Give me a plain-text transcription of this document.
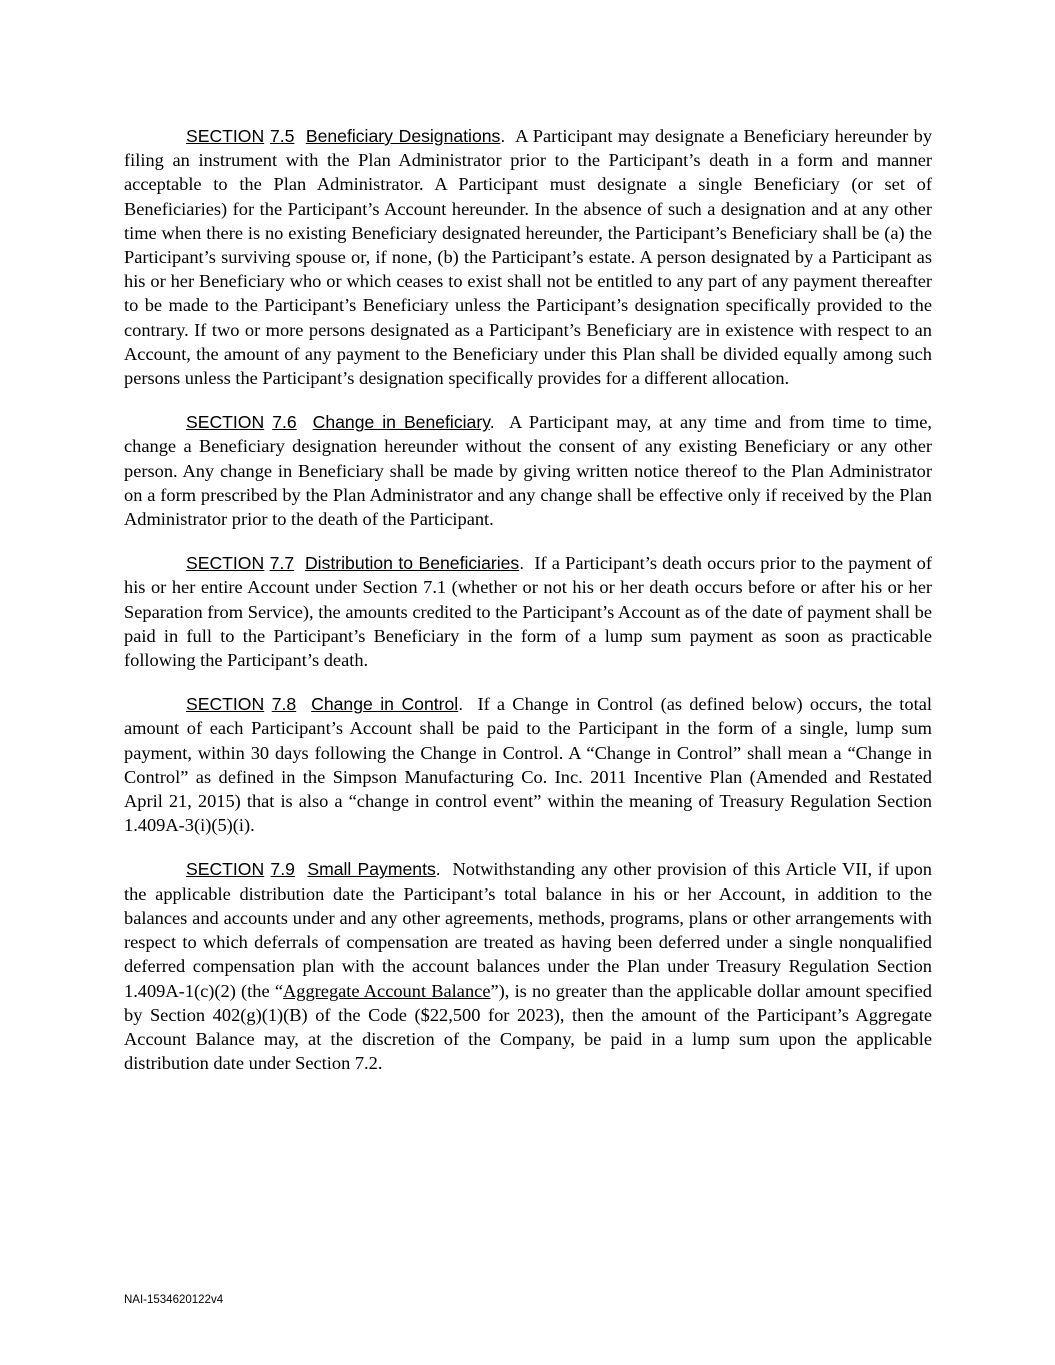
SECTION 7.5 Beneficiary Designations. A Participant may designate a Beneficiary hereunder by filing an instrument with the Plan Administrator prior to the Participant’s death in a form and manner acceptable to the Plan Administrator. A Participant must designate a single Beneficiary (or set of Beneficiaries) for the Participant’s Account hereunder. In the absence of such a designation and at any other time when there is no existing Beneficiary designated hereunder, the Participant’s Beneficiary shall be (a) the Participant’s surviving spouse or, if none, (b) the Participant’s estate. A person designated by a Participant as his or her Beneficiary who or which ceases to exist shall not be entitled to any part of any payment thereafter to be made to the Participant’s Beneficiary unless the Participant’s designation specifically provided to the contrary. If two or more persons designated as a Participant’s Beneficiary are in existence with respect to an Account, the amount of any payment to the Beneficiary under this Plan shall be divided equally among such persons unless the Participant’s designation specifically provides for a different allocation.

SECTION 7.6 Change in Beneficiary. A Participant may, at any time and from time to time, change a Beneficiary designation hereunder without the consent of any existing Beneficiary or any other person. Any change in Beneficiary shall be made by giving written notice thereof to the Plan Administrator on a form prescribed by the Plan Administrator and any change shall be effective only if received by the Plan Administrator prior to the death of the Participant.

SECTION 7.7 Distribution to Beneficiaries. If a Participant’s death occurs prior to the payment of his or her entire Account under Section 7.1 (whether or not his or her death occurs before or after his or her Separation from Service), the amounts credited to the Participant’s Account as of the date of payment shall be paid in full to the Participant’s Beneficiary in the form of a lump sum payment as soon as practicable following the Participant’s death.

SECTION 7.8 Change in Control. If a Change in Control (as defined below) occurs, the total amount of each Participant’s Account shall be paid to the Participant in the form of a single, lump sum payment, within 30 days following the Change in Control. A “Change in Control” shall mean a “Change in Control” as defined in the Simpson Manufacturing Co. Inc. 2011 Incentive Plan (Amended and Restated April 21, 2015) that is also a “change in control event” within the meaning of Treasury Regulation Section 1.409A-3(i)(5)(i).

SECTION 7.9 Small Payments. Notwithstanding any other provision of this Article VII, if upon the applicable distribution date the Participant’s total balance in his or her Account, in addition to the balances and accounts under and any other agreements, methods, programs, plans or other arrangements with respect to which deferrals of compensation are treated as having been deferred under a single nonqualified deferred compensation plan with the account balances under the Plan under Treasury Regulation Section 1.409A-1(c)(2) (the “Aggregate Account Balance”), is no greater than the applicable dollar amount specified by Section 402(g)(1)(B) of the Code ($22,500 for 2023), then the amount of the Participant’s Aggregate Account Balance may, at the discretion of the Company, be paid in a lump sum upon the applicable distribution date under Section 7.2.

NAI-1534620122v4
